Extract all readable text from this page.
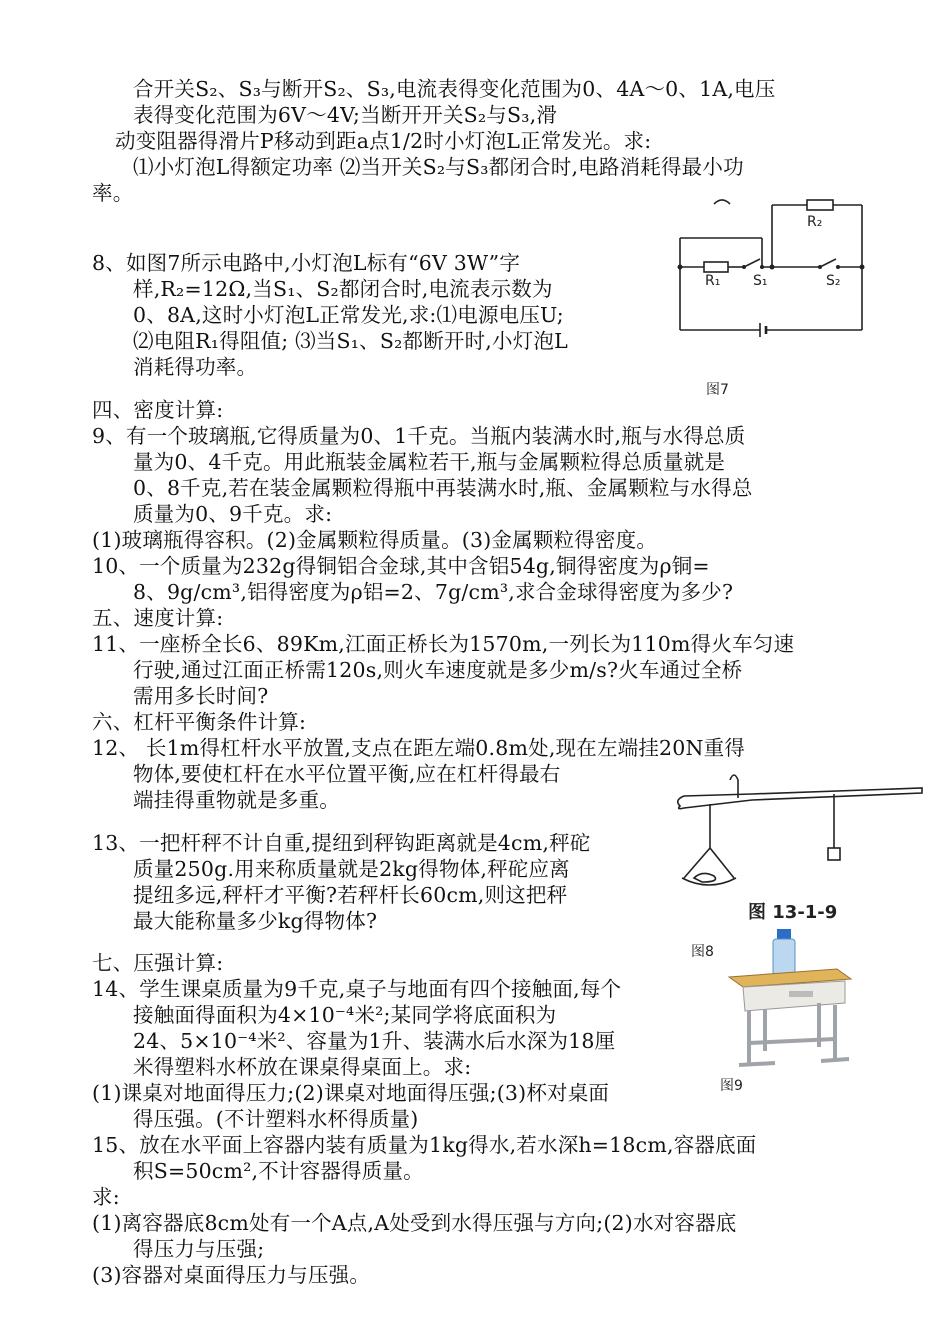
合开关S₂、S₃与断开S₂、S₃,电流表得变化范围为0、4A～0、1A,电压
表得变化范围为6V～4V;当断开开关S₂与S₃,滑
动变阻器得滑片P移动到距a点1/2时小灯泡L正常发光。求:
⑴小灯泡L得额定功率 ⑵当开关S₂与S₃都闭合时,电路消耗得最小功
率。
8、如图7所示电路中,小灯泡L标有“6V 3W”字
样,R₂=12Ω,当S₁、S₂都闭合时,电流表示数为
0、8A,这时小灯泡L正常发光,求:⑴电源电压U;
⑵电阻R₁得阻值; ⑶当S₁、S₂都断开时,小灯泡L
消耗得功率。
四、密度计算:
9、有一个玻璃瓶,它得质量为0、1千克。当瓶内装满水时,瓶与水得总质
量为0、4千克。用此瓶装金属粒若干,瓶与金属颗粒得总质量就是
0、8千克,若在装金属颗粒得瓶中再装满水时,瓶、金属颗粒与水得总
质量为0、9千克。求:
(1)玻璃瓶得容积。(2)金属颗粒得质量。(3)金属颗粒得密度。
10、一个质量为232g得铜铝合金球,其中含铝54g,铜得密度为ρ铜=
8、9g/cm³,铝得密度为ρ铝=2、7g/cm³,求合金球得密度为多少?
五、速度计算:
11、一座桥全长6、89Km,江面正桥长为1570m,一列长为110m得火车匀速
行驶,通过江面正桥需120s,则火车速度就是多少m/s?火车通过全桥
需用多长时间?
六、杠杆平衡条件计算:
12、 长1m得杠杆水平放置,支点在距左端0.8m处,现在左端挂20N重得
物体,要使杠杆在水平位置平衡,应在杠杆得最右
端挂得重物就是多重。
13、一把杆秤不计自重,提纽到秤钩距离就是4cm,秤砣
质量250g.用来称质量就是2kg得物体,秤砣应离
提纽多远,秤杆才平衡?若秤杆长60cm,则这把秤
最大能称量多少kg得物体?
七、压强计算:
14、学生课桌质量为9千克,桌子与地面有四个接触面,每个
接触面得面积为4×10⁻⁴米²;某同学将底面积为
24、5×10⁻⁴米²、容量为1升、装满水后水深为18厘
米得塑料水杯放在课桌得桌面上。求:
(1)课桌对地面得压力;(2)课桌对地面得压强;(3)杯对桌面
得压强。(不计塑料水杯得质量)
15、放在水平面上容器内装有质量为1kg得水,若水深h=18cm,容器底面
积S=50cm²,不计容器得质量。
求:
(1)离容器底8cm处有一个A点,A处受到水得压强与方向;(2)水对容器底
得压力与压强;
(3)容器对桌面得压力与压强。
R₂
R₁ S₁	S₂
图7
图 13-1-9
图8
图9
